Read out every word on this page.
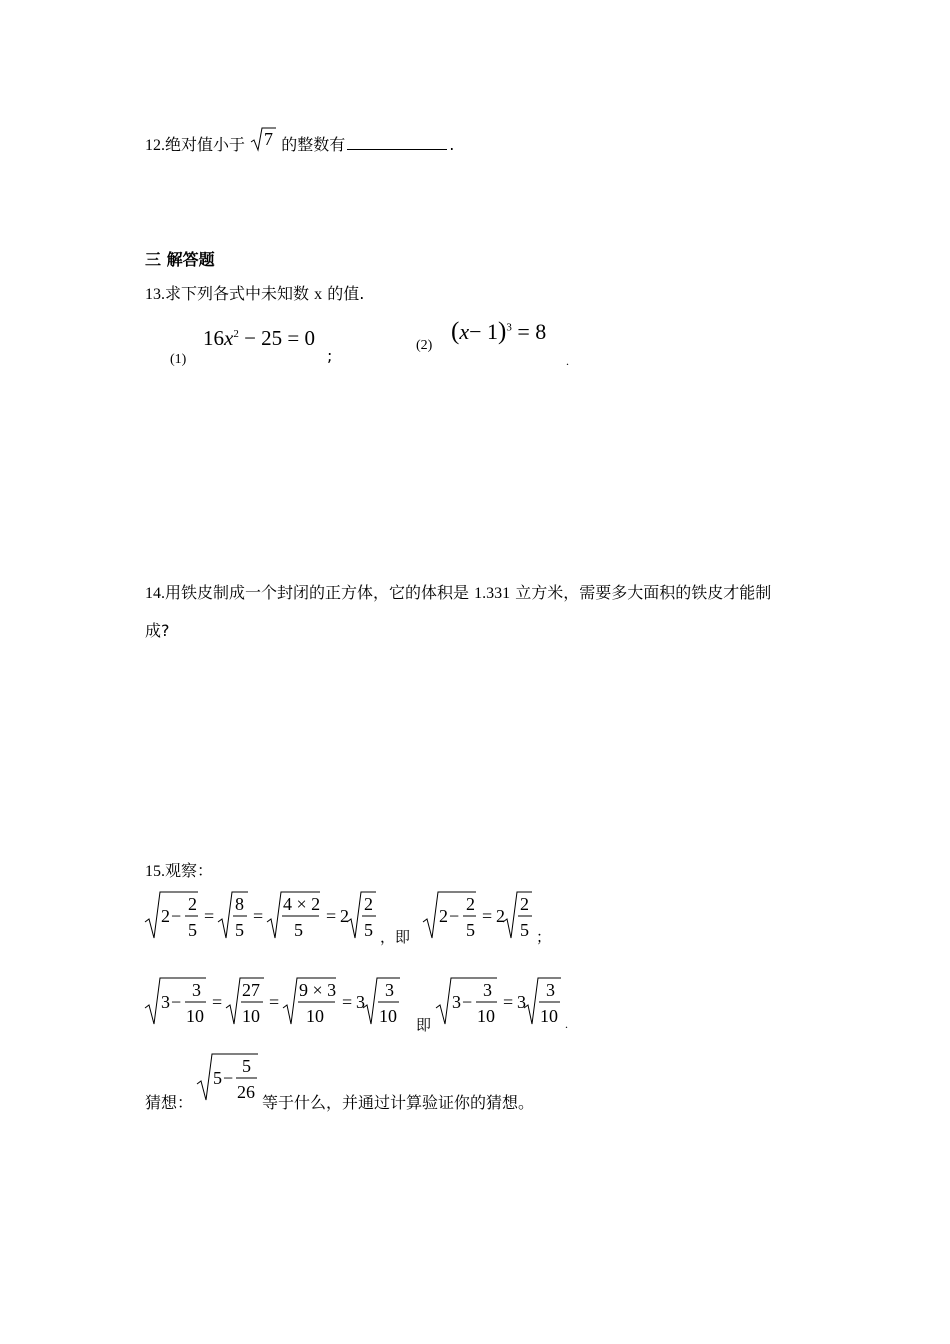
12.绝对值小于 7 的整数有	.
三 解答题
13.求下列各式中未知数 x 的值.
(1)
$16x^2 - 25 = 0$
;
(2)
$(x- 1)^3 = 8$
.
14.用铁皮制成一个封闭的正方体，它的体积是 1.331 立方米，需要多大面积的铁皮才能制
成?
15.观察：
2 −
2
5
=
8
5
=
4 × 2
5
= 2
2
5 ，即
2 −
2
5
= 2
2
5 ；
3 −
3
10
=
27
10
=
9 × 3
10
= 3
3
10 即
3 −
3
10
= 3
3
10 .
猜想：
5 −
5
26
等于什么，并通过计算验证你的猜想。
